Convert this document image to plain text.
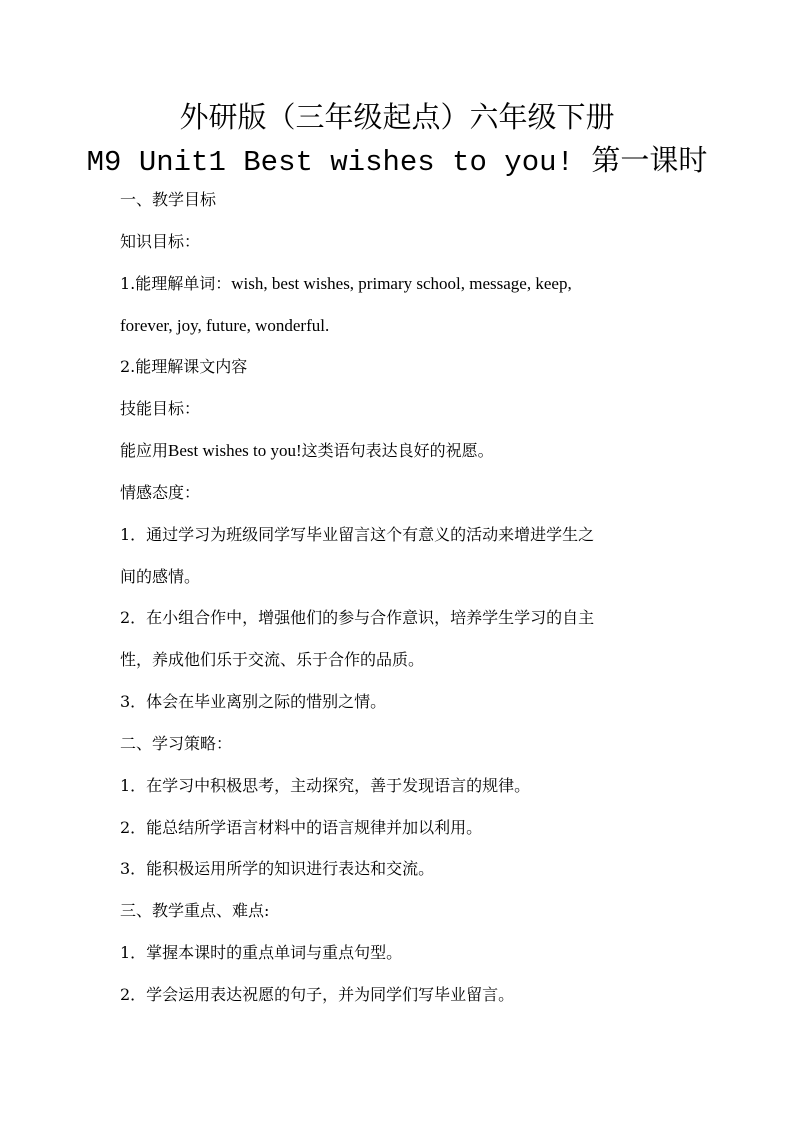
外研版（三年级起点）六年级下册
M9 Unit1 Best wishes to you! 第一课时
一、教学目标
知识目标：
1.能理解单词：wish, best wishes, primary school, message, keep,
forever, joy, future, wonderful.
2.能理解课文内容
技能目标：
能应用Best wishes to you!这类语句表达良好的祝愿。
情感态度：
1．通过学习为班级同学写毕业留言这个有意义的活动来增进学生之
间的感情。
2．在小组合作中，增强他们的参与合作意识，培养学生学习的自主
性，养成他们乐于交流、乐于合作的品质。
3．体会在毕业离别之际的惜别之情。
二、学习策略：
1．在学习中积极思考，主动探究，善于发现语言的规律。
2．能总结所学语言材料中的语言规律并加以利用。
3．能积极运用所学的知识进行表达和交流。
三、教学重点、难点:
1．掌握本课时的重点单词与重点句型。
2．学会运用表达祝愿的句子，并为同学们写毕业留言。
